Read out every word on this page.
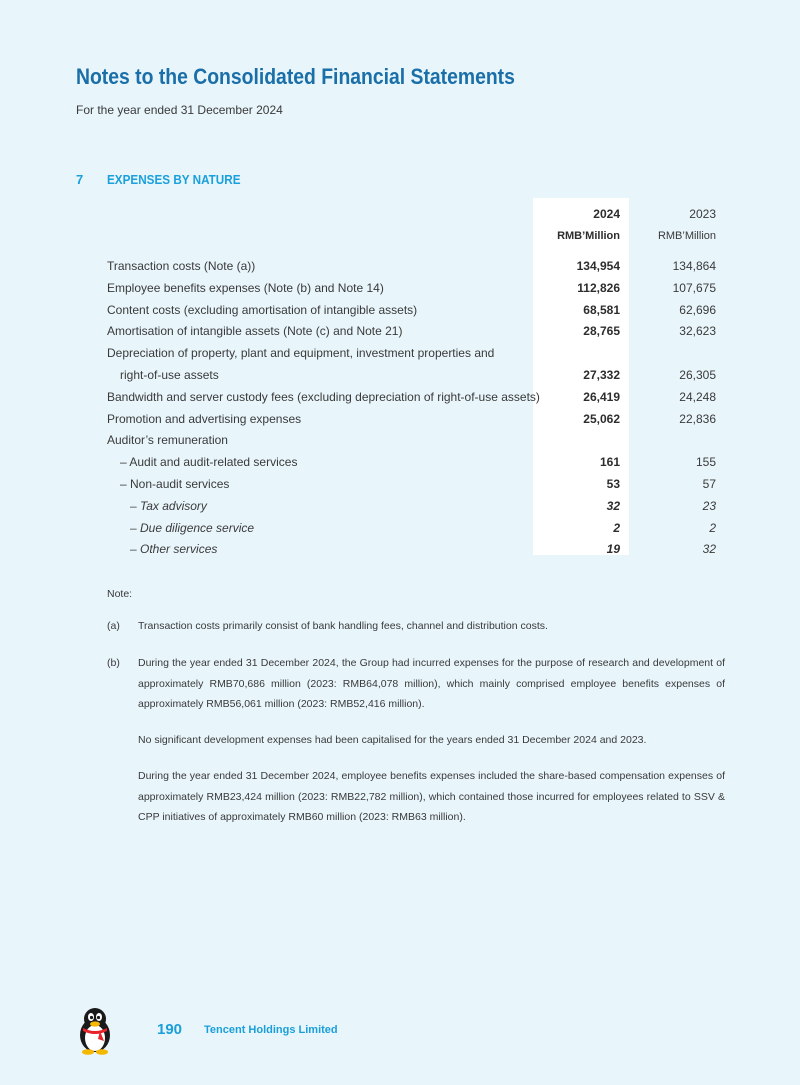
Notes to the Consolidated Financial Statements
For the year ended 31 December 2024
7 EXPENSES BY NATURE
2024	2023
RMB’Million	RMB’Million
Transaction costs (Note (a))	134,954	134,864
Employee benefits expenses (Note (b) and Note 14)	112,826	107,675
Content costs (excluding amortisation of intangible assets)	68,581	62,696
Amortisation of intangible assets (Note (c) and Note 21)	28,765	32,623
Depreciation of property, plant and equipment, investment properties and
right-of-use assets	27,332	26,305
Bandwidth and server custody fees (excluding depreciation of right-of-use assets)	26,419	24,248
Promotion and advertising expenses	25,062	22,836
Auditor’s remuneration
– Audit and audit-related services	161	155
– Non-audit services	53	57
– Tax advisory	32	23
– Due diligence service	2	2
– Other services	19	32
Note:
(a) Transaction costs primarily consist of bank handling fees, channel and distribution costs.
(b) During the year ended 31 December 2024, the Group had incurred expenses for the purpose of research and development of approximately RMB70,686 million (2023: RMB64,078 million), which mainly comprised employee benefits expenses of approximately RMB56,061 million (2023: RMB52,416 million).
No significant development expenses had been capitalised for the years ended 31 December 2024 and 2023.
During the year ended 31 December 2024, employee benefits expenses included the share-based compensation expenses of approximately RMB23,424 million (2023: RMB22,782 million), which contained those incurred for employees related to SSV & CPP initiatives of approximately RMB60 million (2023: RMB63 million).
190 Tencent Holdings Limited
